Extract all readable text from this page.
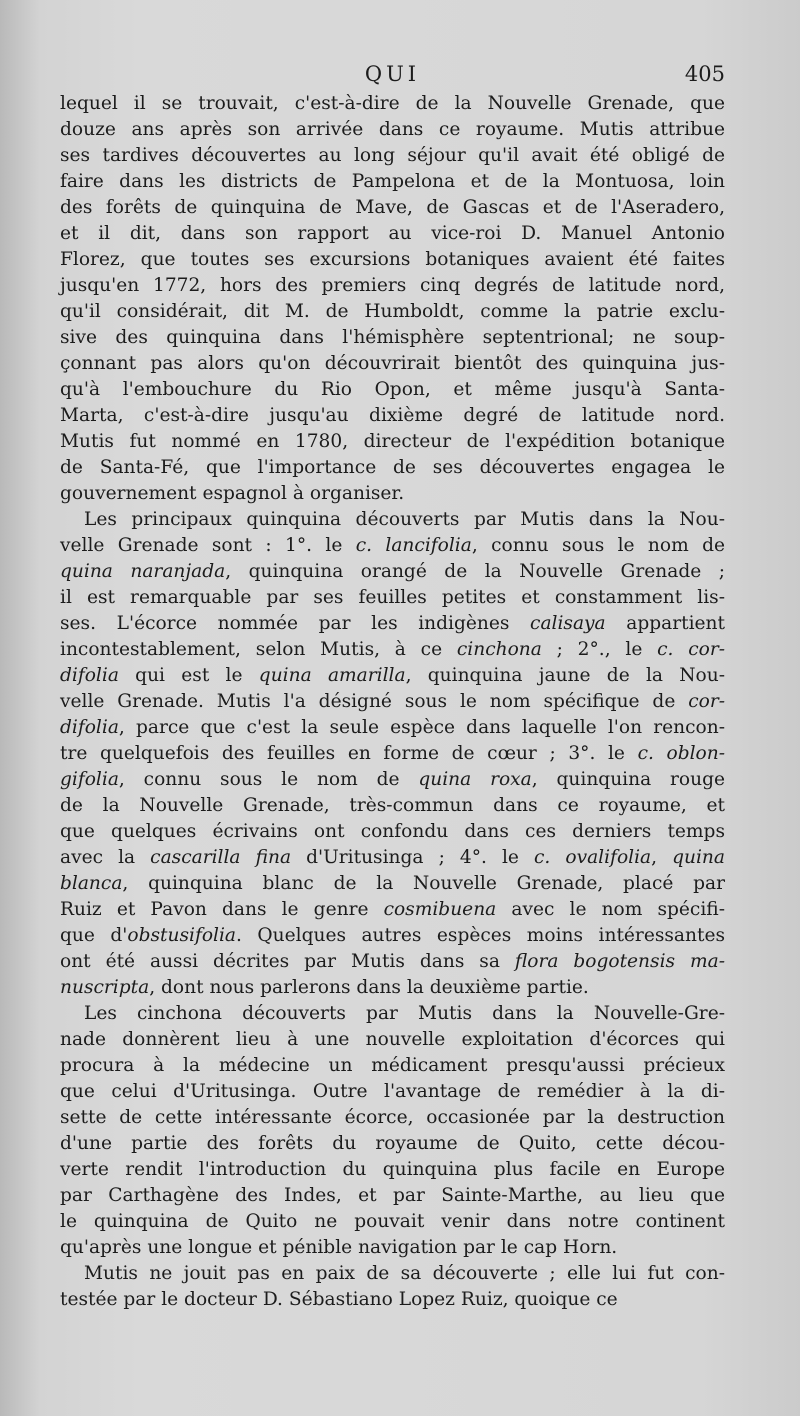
QUI	405
lequel il se trouvait, c'est-à-dire de la Nouvelle Grenade, que
douze ans après son arrivée dans ce royaume. Mutis attribue
ses tardives découvertes au long séjour qu'il avait été obligé de
faire dans les districts de Pampelona et de la Montuosa, loin
des forêts de quinquina de Mave, de Gascas et de l'Aseradero,
et il dit, dans son rapport au vice-roi D. Manuel Antonio
Florez, que toutes ses excursions botaniques avaient été faites
jusqu'en 1772, hors des premiers cinq degrés de latitude nord,
qu'il considérait, dit M. de Humboldt, comme la patrie exclu-
sive des quinquina dans l'hémisphère septentrional; ne soup-
çonnant pas alors qu'on découvrirait bientôt des quinquina jus-
qu'à l'embouchure du Rio Opon, et même jusqu'à Santa-
Marta, c'est-à-dire jusqu'au dixième degré de latitude nord.
Mutis fut nommé en 1780, directeur de l'expédition botanique
de Santa-Fé, que l'importance de ses découvertes engagea le
gouvernement espagnol à organiser.
Les principaux quinquina découverts par Mutis dans la Nou-
velle Grenade sont : 1°. le c. lancifolia, connu sous le nom de
quina naranjada, quinquina orangé de la Nouvelle Grenade ;
il est remarquable par ses feuilles petites et constamment lis-
ses. L'écorce nommée par les indigènes calisaya appartient
incontestablement, selon Mutis, à ce cinchona ; 2°., le c. cor-
difolia qui est le quina amarilla, quinquina jaune de la Nou-
velle Grenade. Mutis l'a désigné sous le nom spécifique de cor-
difolia, parce que c'est la seule espèce dans laquelle l'on rencon-
tre quelquefois des feuilles en forme de cœur ; 3°. le c. oblon-
gifolia, connu sous le nom de quina roxa, quinquina rouge
de la Nouvelle Grenade, très-commun dans ce royaume, et
que quelques écrivains ont confondu dans ces derniers temps
avec la cascarilla fina d'Uritusinga ; 4°. le c. ovalifolia, quina
blanca, quinquina blanc de la Nouvelle Grenade, placé par
Ruiz et Pavon dans le genre cosmibuena avec le nom spécifi-
que d'obstusifolia. Quelques autres espèces moins intéressantes
ont été aussi décrites par Mutis dans sa flora bogotensis ma-
nuscripta, dont nous parlerons dans la deuxième partie.
Les cinchona découverts par Mutis dans la Nouvelle-Gre-
nade donnèrent lieu à une nouvelle exploitation d'écorces qui
procura à la médecine un médicament presqu'aussi précieux
que celui d'Uritusinga. Outre l'avantage de remédier à la di-
sette de cette intéressante écorce, occasionée par la destruction
d'une partie des forêts du royaume de Quito, cette décou-
verte rendit l'introduction du quinquina plus facile en Europe
par Carthagène des Indes, et par Sainte-Marthe, au lieu que
le quinquina de Quito ne pouvait venir dans notre continent
qu'après une longue et pénible navigation par le cap Horn.
Mutis ne jouit pas en paix de sa découverte ; elle lui fut con-
testée par le docteur D. Sébastiano Lopez Ruiz, quoique ce
